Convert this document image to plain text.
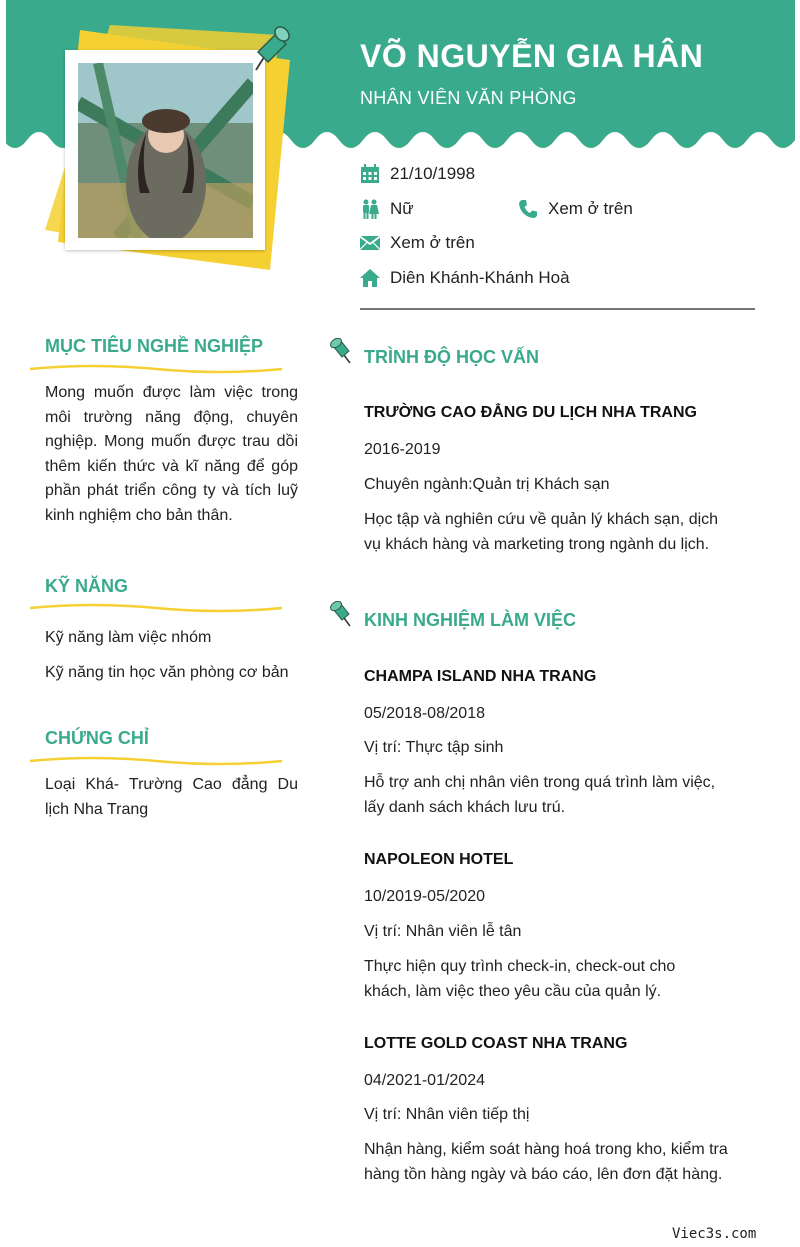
VÕ NGUYỄN GIA HÂN
NHÂN VIÊN VĂN PHÒNG
21/10/1998
Nữ	Xem ở trên
Xem ở trên
Diên Khánh-Khánh Hoà
MỤC TIÊU NGHỀ NGHIỆP
Mong muốn được làm việc trong môi trường năng động, chuyên nghiệp. Mong muốn được trau dồi thêm kiến thức và kĩ năng để góp phần phát triển công ty và tích luỹ kinh nghiệm cho bản thân.
KỸ NĂNG
Kỹ năng làm việc nhóm
Kỹ năng tin học văn phòng cơ bản
CHỨNG CHỈ
Loại Khá- Trường Cao đẳng Du lịch Nha Trang
TRÌNH ĐỘ HỌC VẤN
TRƯỜNG CAO ĐẲNG DU LỊCH NHA TRANG
2016-2019
Chuyên ngành:Quản trị Khách sạn
Học tập và nghiên cứu về quản lý khách sạn, dịch vụ khách hàng và marketing trong ngành du lịch.
KINH NGHIỆM LÀM VIỆC
CHAMPA ISLAND NHA TRANG
05/2018-08/2018
Vị trí: Thực tập sinh
Hỗ trợ anh chị nhân viên trong quá trình làm việc, lấy danh sách khách lưu trú.
NAPOLEON HOTEL
10/2019-05/2020
Vị trí: Nhân viên lễ tân
Thực hiện quy trình check-in, check-out cho khách, làm việc theo yêu cầu của quản lý.
LOTTE GOLD COAST NHA TRANG
04/2021-01/2024
Vị trí: Nhân viên tiếp thị
Nhận hàng, kiểm soát hàng hoá trong kho, kiểm tra hàng tồn hàng ngày và báo cáo, lên đơn đặt hàng.
Viec3s.com
